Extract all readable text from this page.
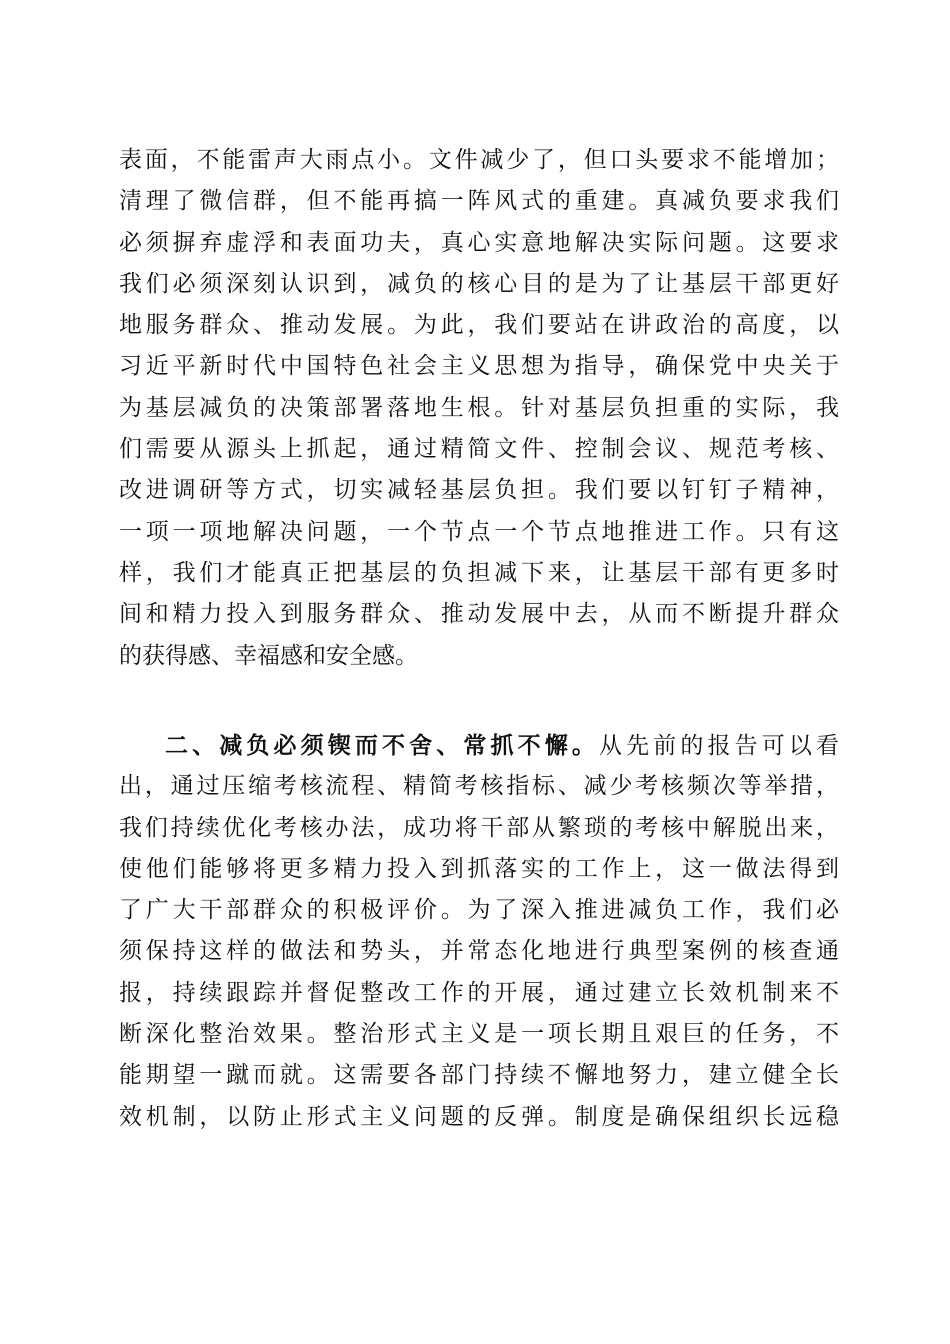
表面，不能雷声大雨点小。文件减少了，但口头要求不能增加；
清理了微信群，但不能再搞一阵风式的重建。真减负要求我们
必须摒弃虚浮和表面功夫，真心实意地解决实际问题。这要求
我们必须深刻认识到，减负的核心目的是为了让基层干部更好
地服务群众、推动发展。为此，我们要站在讲政治的高度，以
习近平新时代中国特色社会主义思想为指导，确保党中央关于
为基层减负的决策部署落地生根。针对基层负担重的实际，我
们需要从源头上抓起，通过精简文件、控制会议、规范考核、
改进调研等方式，切实减轻基层负担。我们要以钉钉子精神，
一项一项地解决问题，一个节点一个节点地推进工作。只有这
样，我们才能真正把基层的负担减下来，让基层干部有更多时
间和精力投入到服务群众、推动发展中去，从而不断提升群众
的获得感、幸福感和安全感。
二、减负必须锲而不舍、常抓不懈。从先前的报告可以看
出，通过压缩考核流程、精简考核指标、减少考核频次等举措，
我们持续优化考核办法，成功将干部从繁琐的考核中解脱出来，
使他们能够将更多精力投入到抓落实的工作上，这一做法得到
了广大干部群众的积极评价。为了深入推进减负工作，我们必
须保持这样的做法和势头，并常态化地进行典型案例的核查通
报，持续跟踪并督促整改工作的开展，通过建立长效机制来不
断深化整治效果。整治形式主义是一项长期且艰巨的任务，不
能期望一蹴而就。这需要各部门持续不懈地努力，建立健全长
效机制，以防止形式主义问题的反弹。制度是确保组织长远稳
